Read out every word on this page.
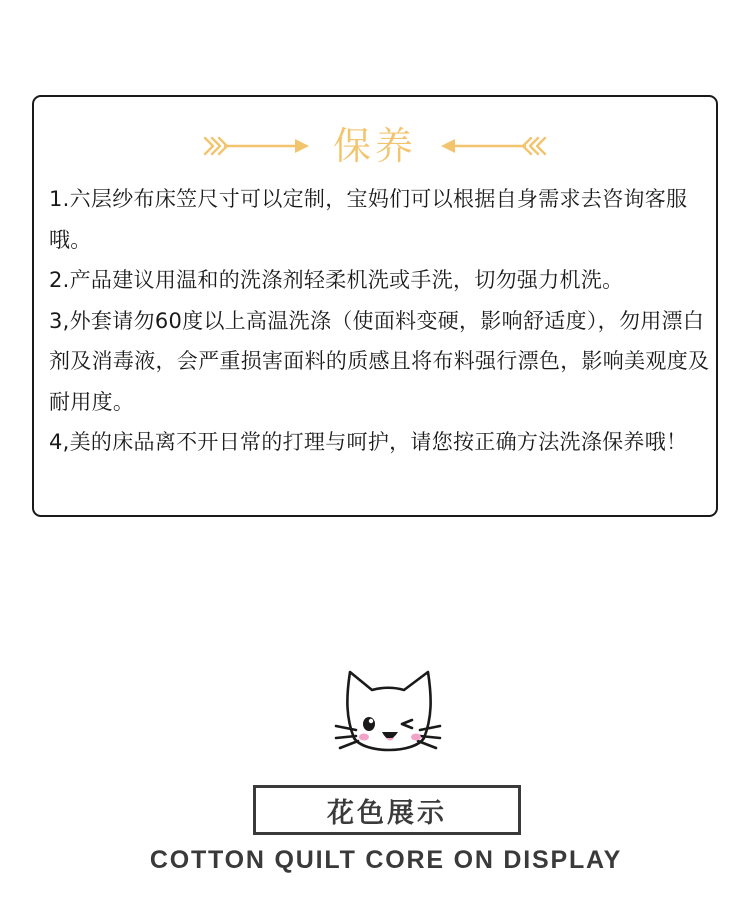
保养
1.六层纱布床笠尺寸可以定制，宝妈们可以根据自身需求去咨询客服哦。
2.产品建议用温和的洗涤剂轻柔机洗或手洗，切勿强力机洗。
3,外套请勿60度以上高温洗涤（使面料变硬，影响舒适度），勿用漂白剂及消毒液，会严重损害面料的质感且将布料强行漂色，影响美观度及耐用度。
4,美的床品离不开日常的打理与呵护，请您按正确方法洗涤保养哦！
花色展示
COTTON QUILT CORE ON DISPLAY
